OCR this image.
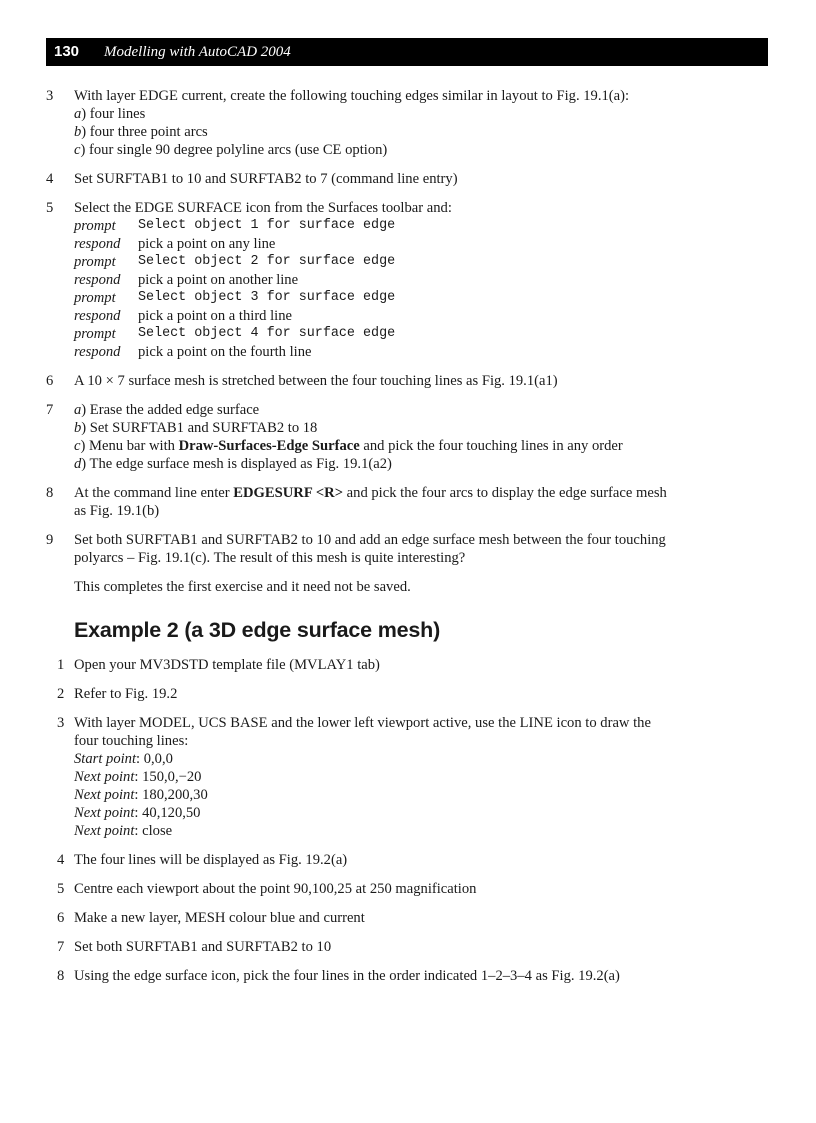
130	Modelling with AutoCAD 2004
3 With layer EDGE current, create the following touching edges similar in layout to Fig. 19.1(a):
a) four lines
b) four three point arcs
c) four single 90 degree polyline arcs (use CE option)
4 Set SURFTAB1 to 10 and SURFTAB2 to 7 (command line entry)
5 Select the EDGE SURFACE icon from the Surfaces toolbar and:
prompt	Select object 1 for surface edge
respond	pick a point on any line
prompt	Select object 2 for surface edge
respond	pick a point on another line
prompt	Select object 3 for surface edge
respond	pick a point on a third line
prompt	Select object 4 for surface edge
respond	pick a point on the fourth line
6 A 10 × 7 surface mesh is stretched between the four touching lines as Fig. 19.1(a1)
7 a) Erase the added edge surface
b) Set SURFTAB1 and SURFTAB2 to 18
c) Menu bar with Draw-Surfaces-Edge Surface and pick the four touching lines in any order
d) The edge surface mesh is displayed as Fig. 19.1(a2)
8 At the command line enter EDGESURF <R> and pick the four arcs to display the edge surface mesh as Fig. 19.1(b)
9 Set both SURFTAB1 and SURFTAB2 to 10 and add an edge surface mesh between the four touching polyarcs – Fig. 19.1(c). The result of this mesh is quite interesting?
This completes the first exercise and it need not be saved.
Example 2 (a 3D edge surface mesh)
1 Open your MV3DSTD template file (MVLAY1 tab)
2 Refer to Fig. 19.2
3 With layer MODEL, UCS BASE and the lower left viewport active, use the LINE icon to draw the four touching lines:
Start point: 0,0,0
Next point: 150,0,−20
Next point: 180,200,30
Next point: 40,120,50
Next point: close
4 The four lines will be displayed as Fig. 19.2(a)
5 Centre each viewport about the point 90,100,25 at 250 magnification
6 Make a new layer, MESH colour blue and current
7 Set both SURFTAB1 and SURFTAB2 to 10
8 Using the edge surface icon, pick the four lines in the order indicated 1–2–3–4 as Fig. 19.2(a)
